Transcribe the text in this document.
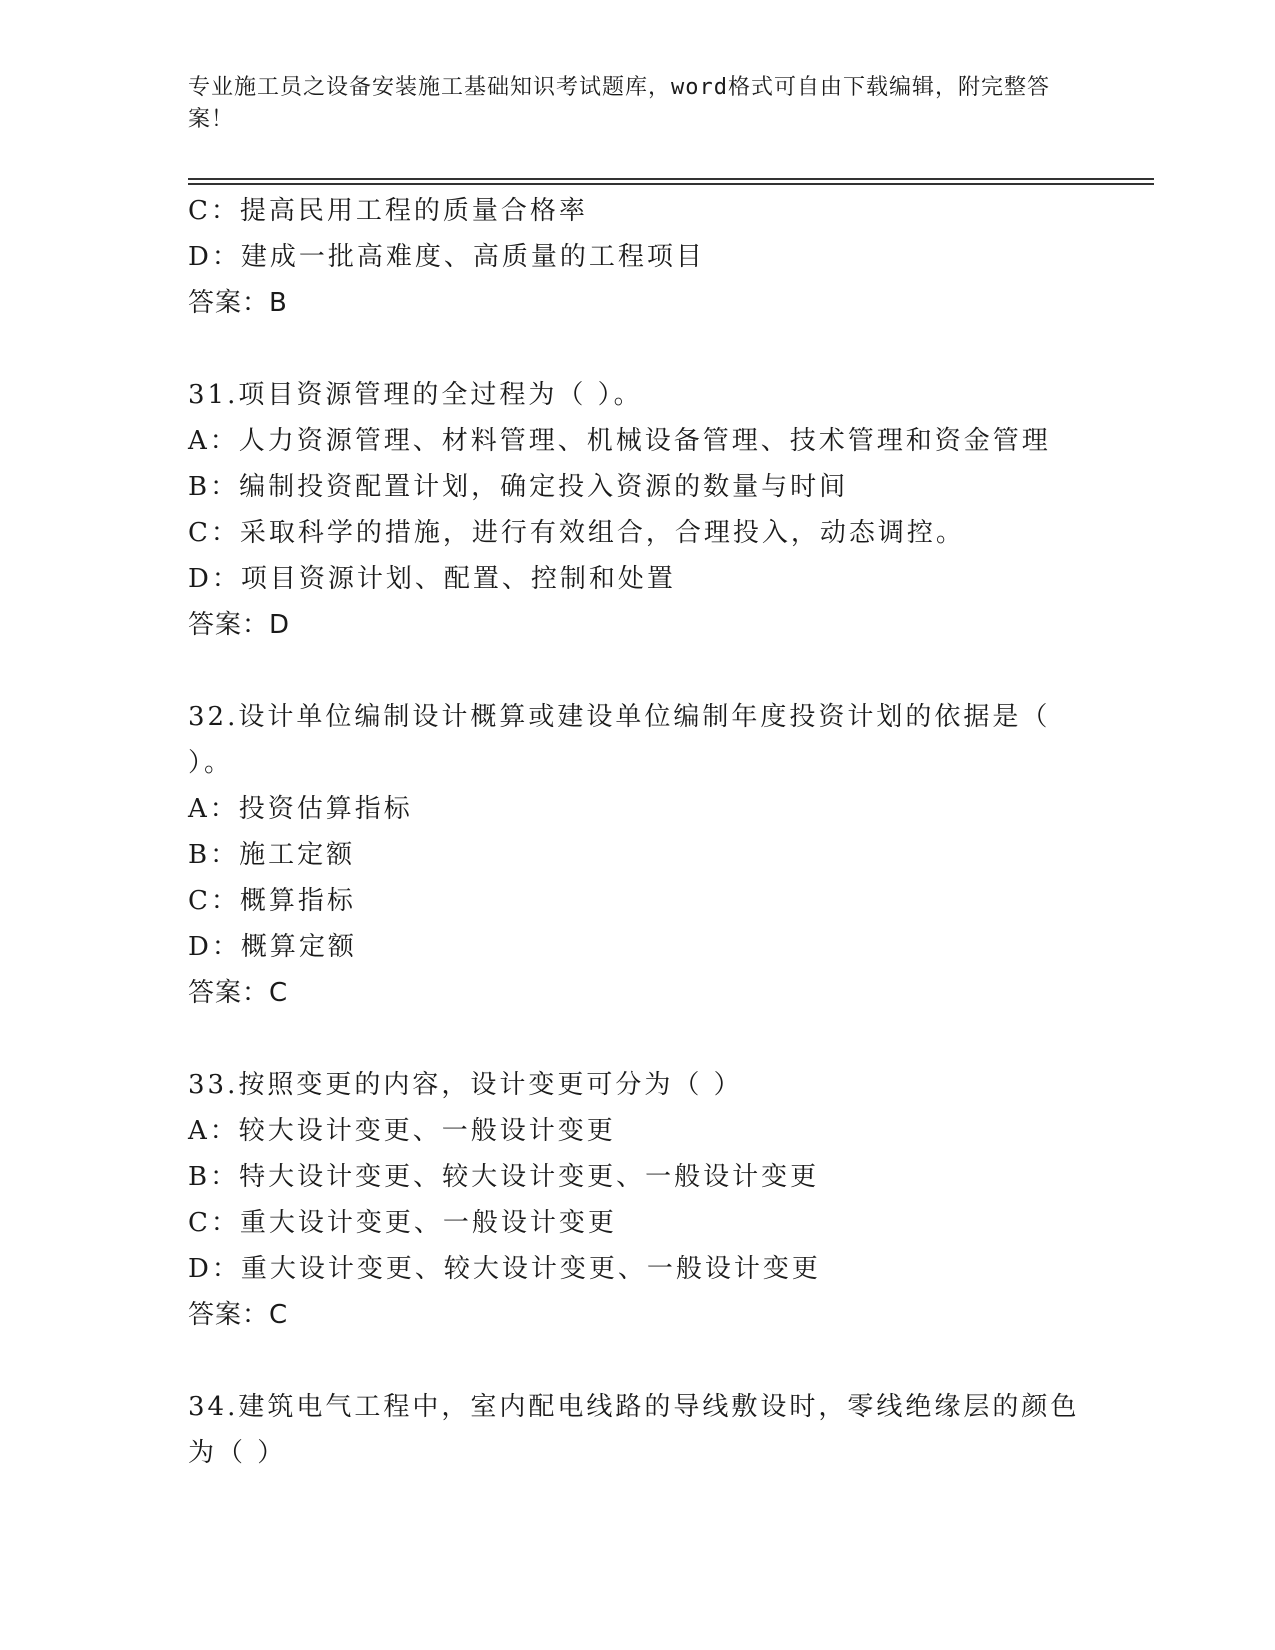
专业施工员之设备安装施工基础知识考试题库，word格式可自由下载编辑，附完整答案！
C：提高民用工程的质量合格率
D：建成一批高难度、高质量的工程项目
答案：B
31.项目资源管理的全过程为（ ）。
A：人力资源管理、材料管理、机械设备管理、技术管理和资金管理
B：编制投资配置计划，确定投入资源的数量与时间
C：采取科学的措施，进行有效组合，合理投入，动态调控。
D：项目资源计划、配置、控制和处置
答案：D
32.设计单位编制设计概算或建设单位编制年度投资计划的依据是（
）。
A：投资估算指标
B：施工定额
C：概算指标
D：概算定额
答案：C
33.按照变更的内容，设计变更可分为（ ）
A：较大设计变更、一般设计变更
B：特大设计变更、较大设计变更、一般设计变更
C：重大设计变更、一般设计变更
D：重大设计变更、较大设计变更、一般设计变更
答案：C
34.建筑电气工程中，室内配电线路的导线敷设时，零线绝缘层的颜色
为（ ）
